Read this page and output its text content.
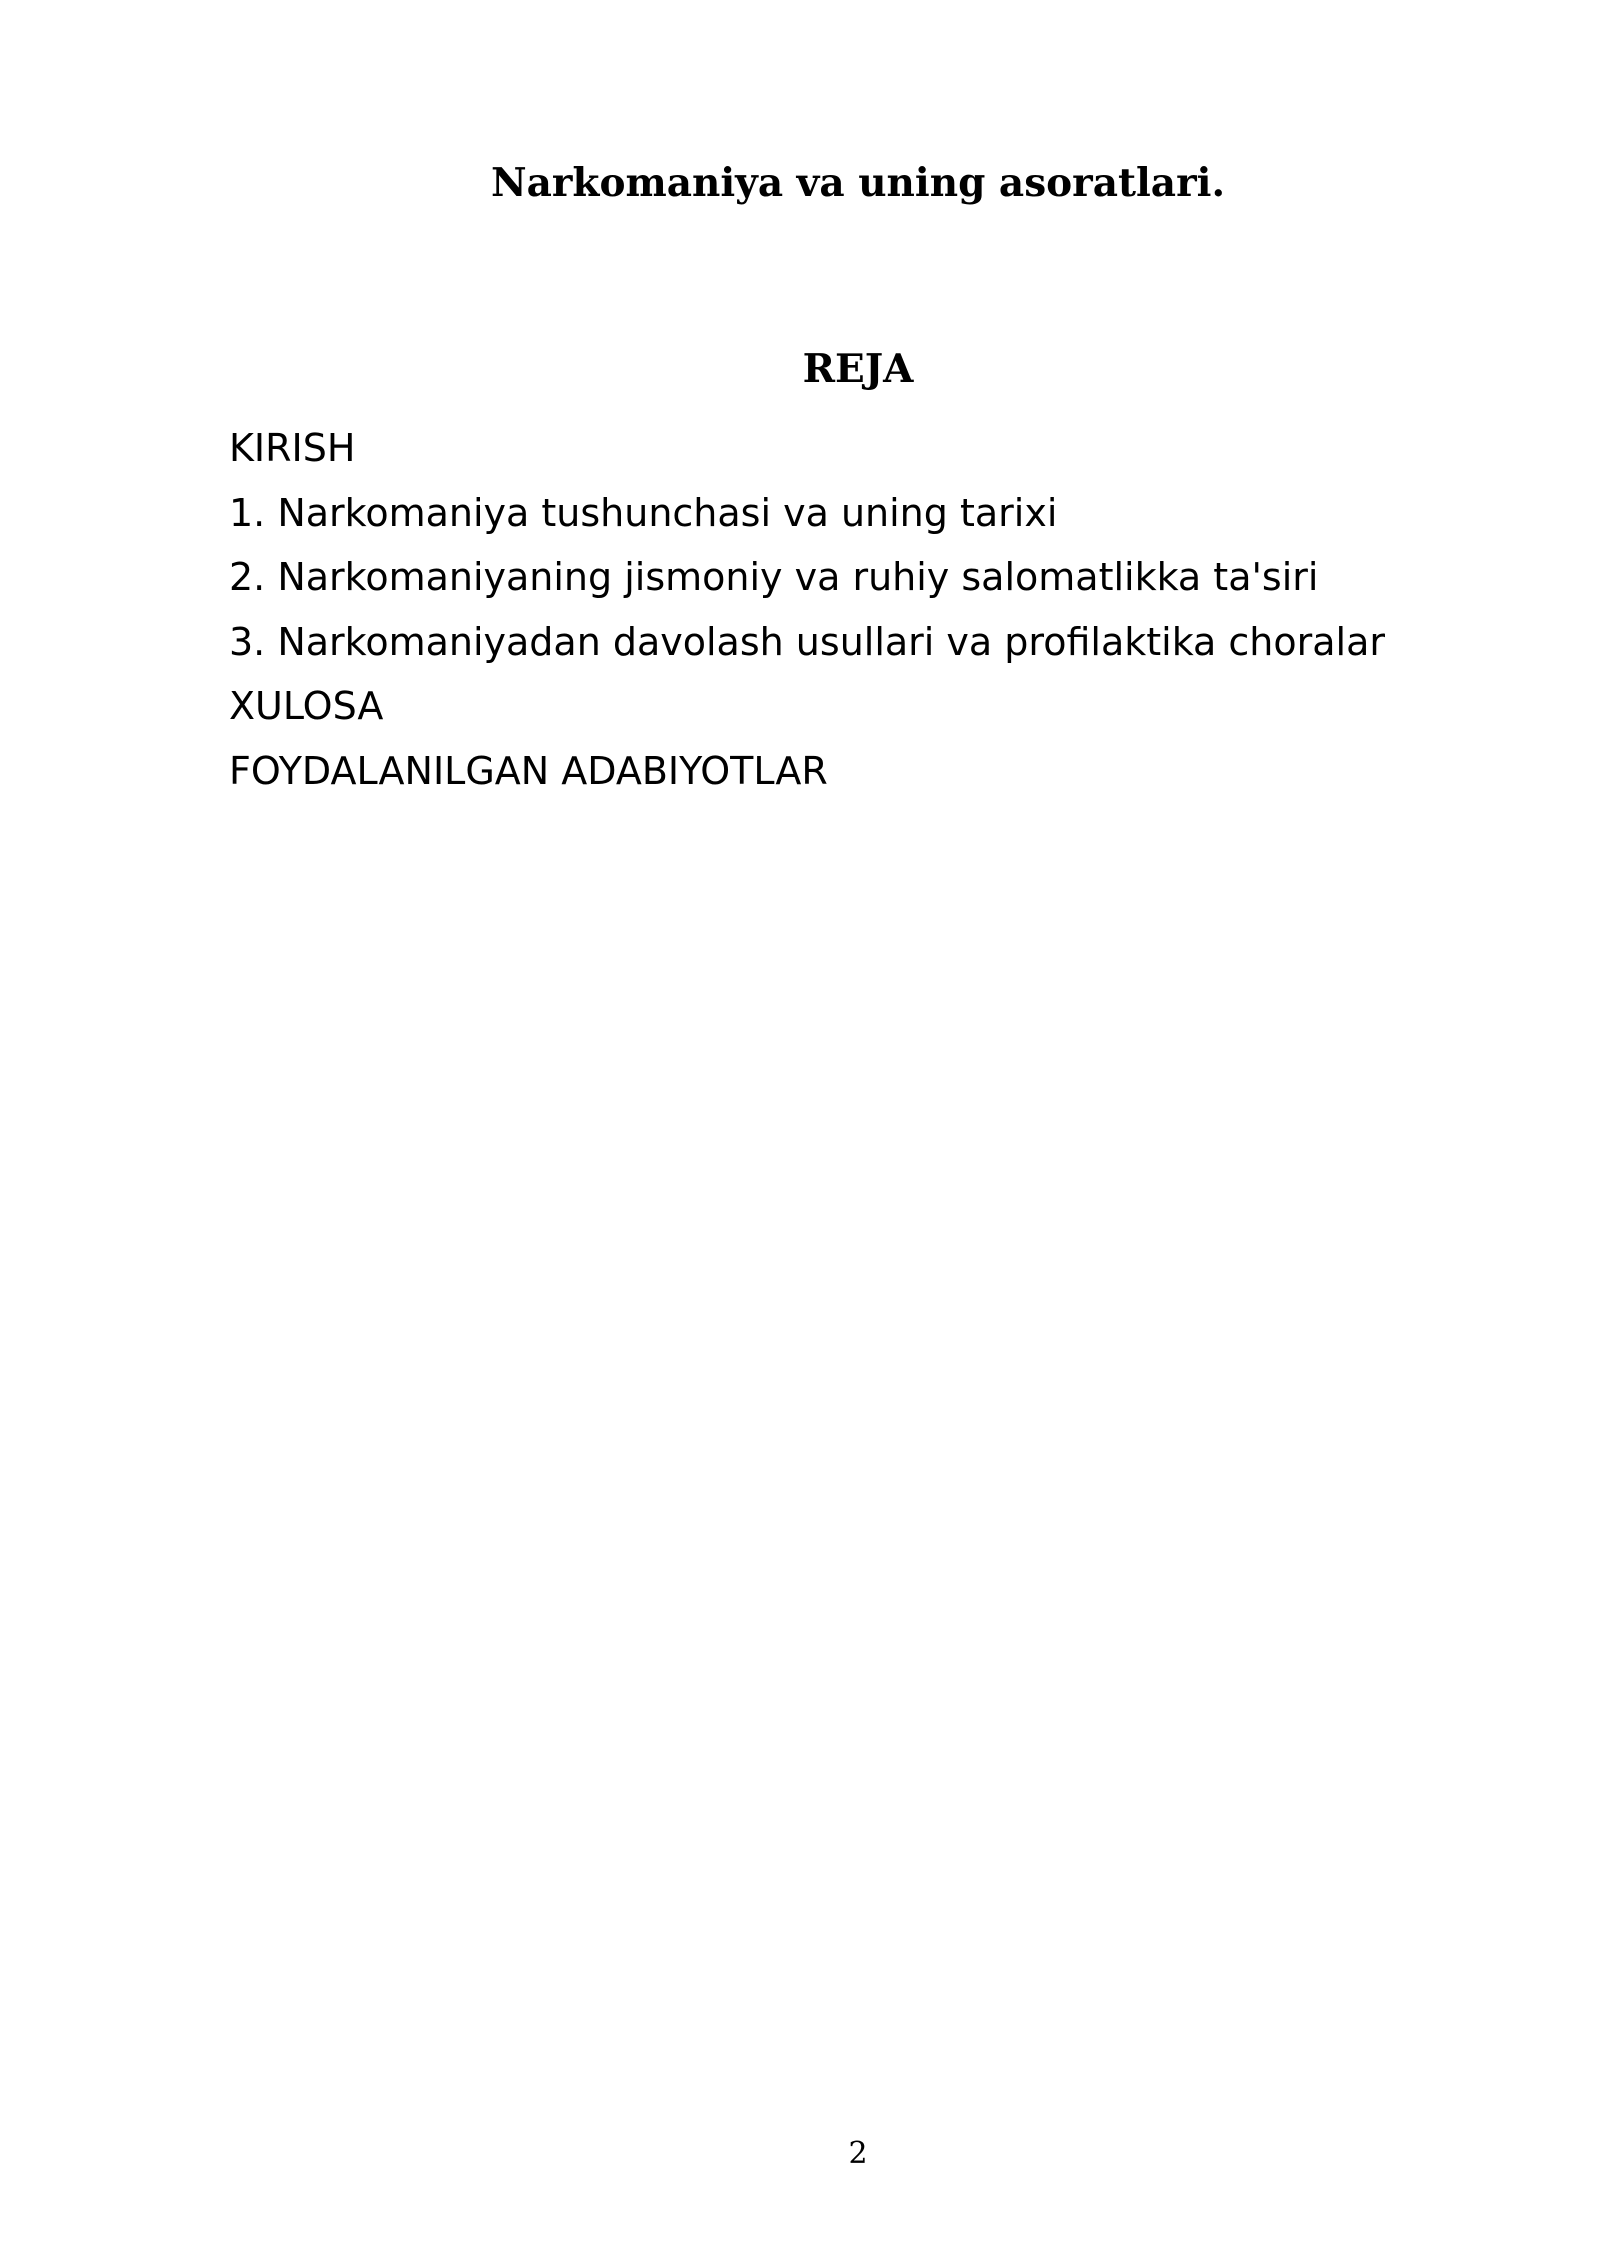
Narkomaniya va uning asoratlari.
REJA
KIRISH
1. Narkomaniya tushunchasi va uning tarixi
2. Narkomaniyaning jismoniy va ruhiy salomatlikka ta'siri
3. Narkomaniyadan davolash usullari va profilaktika choralar
XULOSA
FOYDALANILGAN ADABIYOTLAR
2
